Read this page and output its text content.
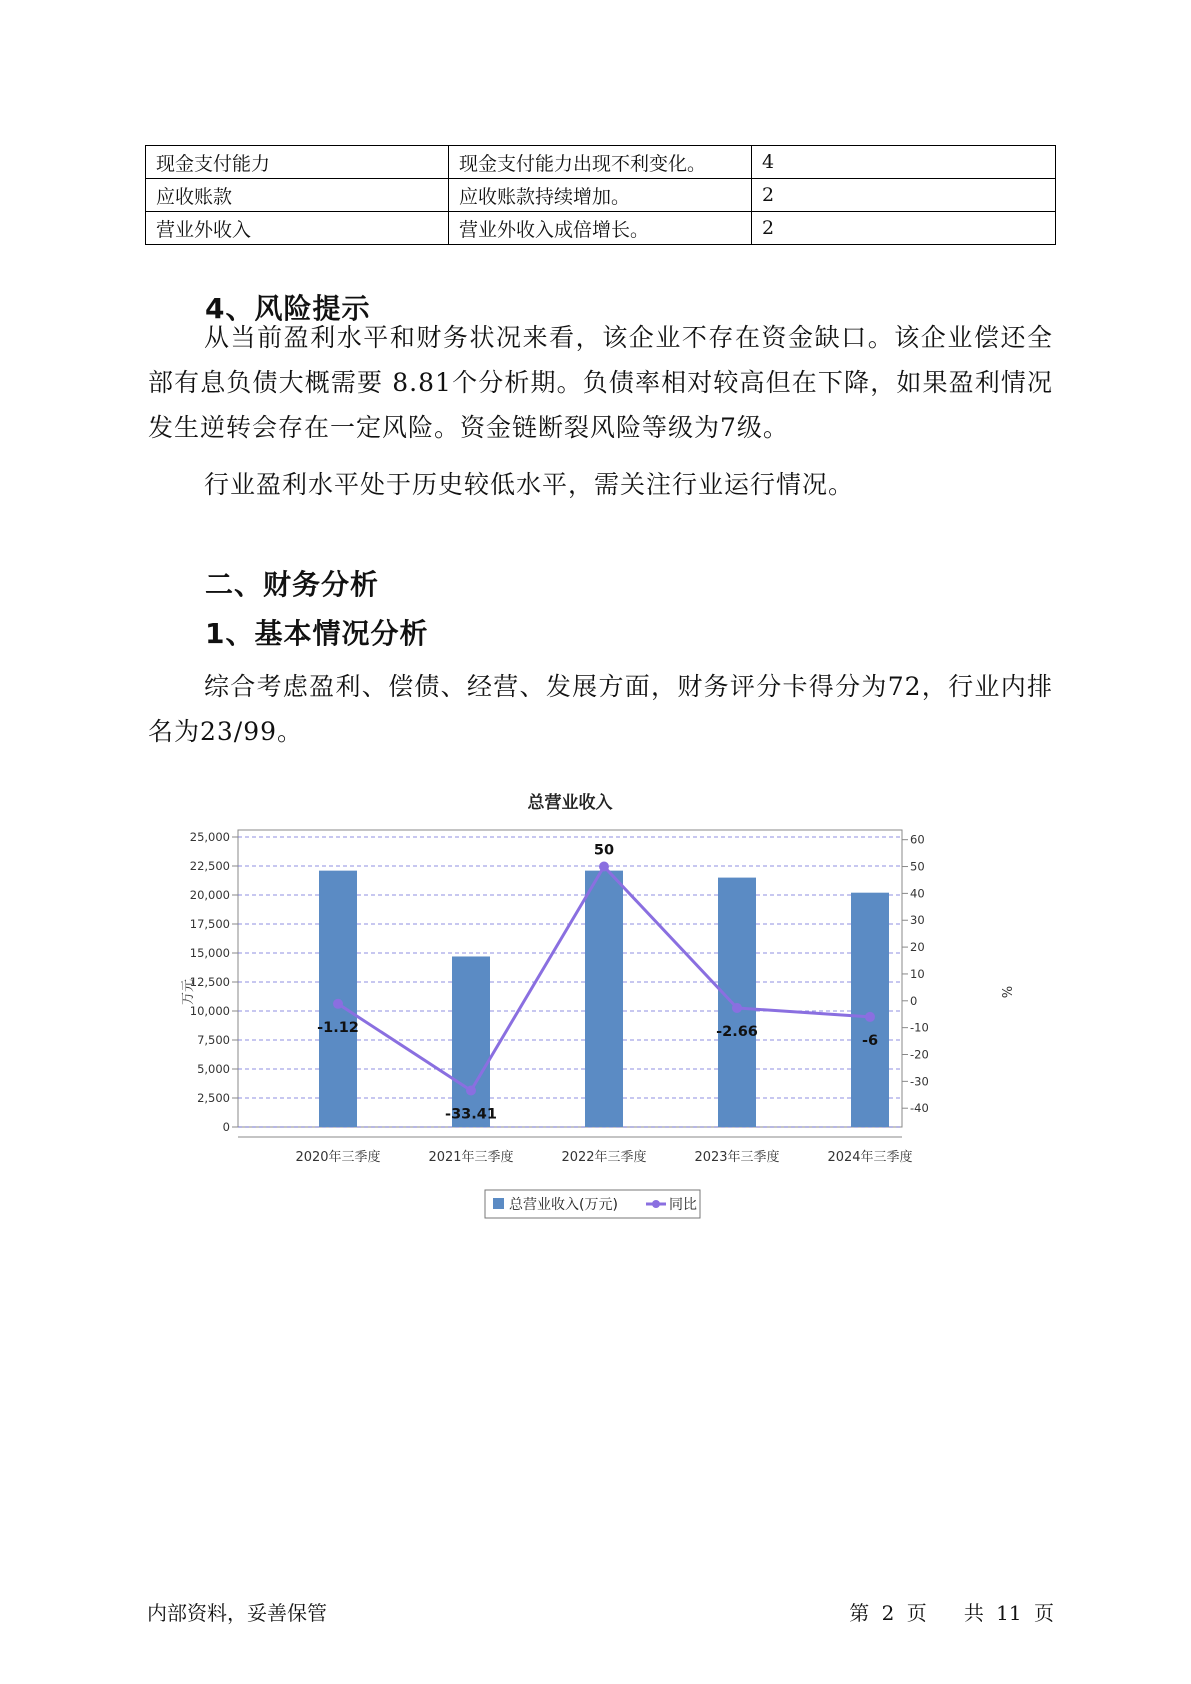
现金支付能力	现金支付能力出现不利变化。	4
应收账款	应收账款持续增加。	2
营业外收入	营业外收入成倍增长。	2
4、风险提示

从当前盈利水平和财务状况来看，该企业不存在资金缺口。该企业偿还全部有息负债大概需要 8.81个分析期。负债率相对较高但在下降，如果盈利情况发生逆转会存在一定风险。资金链断裂风险等级为7级。

行业盈利水平处于历史较低水平，需关注行业运行情况。

二、财务分析
1、基本情况分析

综合考虑盈利、偿债、经营、发展方面，财务评分卡得分为72，行业内排名为23/99。

总营业收入
0
2,500
5,000
7,500
10,000
12,500
15,000
17,500
20,000
22,500
25,000
-40
-30
-20
-10
0
10
20
30
40
50
60
万元	%
2020年三季度	2021年三季度	2022年三季度	2023年三季度	2024年三季度
-1.12
-33.41
50
-2.66
-6
总营业收入(万元)	同比
内部资料，妥善保管	第 2 页 共 11 页
